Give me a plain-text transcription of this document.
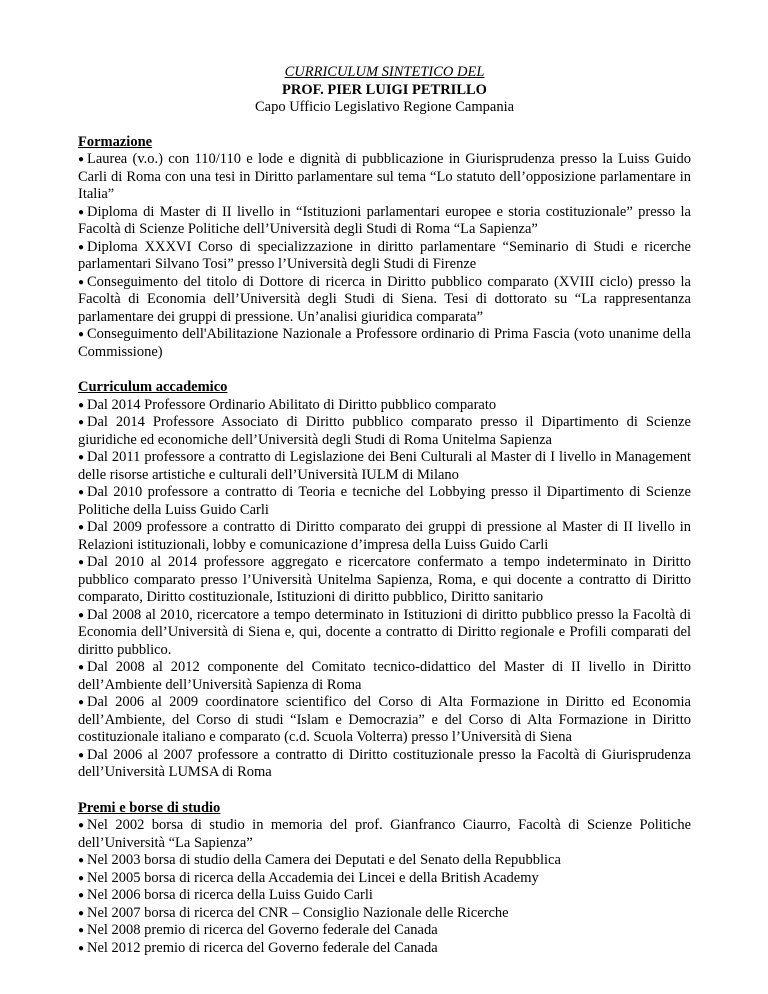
CURRICULUM SINTETICO DEL
PROF. PIER LUIGI PETRILLO
Capo Ufficio Legislativo Regione Campania
Formazione
● Laurea (v.o.) con 110/110 e lode e dignità di pubblicazione in Giurisprudenza presso la Luiss Guido Carli di Roma con una tesi in Diritto parlamentare sul tema “Lo statuto dell’opposizione parlamentare in Italia”
● Diploma di Master di II livello in “Istituzioni parlamentari europee e storia costituzionale” presso la Facoltà di Scienze Politiche dell’Università degli Studi di Roma “La Sapienza”
● Diploma XXXVI Corso di specializzazione in diritto parlamentare “Seminario di Studi e ricerche parlamentari Silvano Tosi” presso l’Università degli Studi di Firenze
● Conseguimento del titolo di Dottore di ricerca in Diritto pubblico comparato (XVIII ciclo) presso la Facoltà di Economia dell’Università degli Studi di Siena. Tesi di dottorato su “La rappresentanza parlamentare dei gruppi di pressione. Un’analisi giuridica comparata”
● Conseguimento dell'Abilitazione Nazionale a Professore ordinario di Prima Fascia (voto unanime della Commissione)
Curriculum accademico
● Dal 2014 Professore Ordinario Abilitato di Diritto pubblico comparato
● Dal 2014 Professore Associato di Diritto pubblico comparato presso il Dipartimento di Scienze giuridiche ed economiche dell’Università degli Studi di Roma Unitelma Sapienza
● Dal 2011 professore a contratto di Legislazione dei Beni Culturali al Master di I livello in Management delle risorse artistiche e culturali dell’Università IULM di Milano
● Dal 2010 professore a contratto di Teoria e tecniche del Lobbying presso il Dipartimento di Scienze Politiche della Luiss Guido Carli
● Dal 2009 professore a contratto di Diritto comparato dei gruppi di pressione al Master di II livello in Relazioni istituzionali, lobby e comunicazione d’impresa della Luiss Guido Carli
● Dal 2010 al 2014 professore aggregato e ricercatore confermato a tempo indeterminato in Diritto pubblico comparato presso l’Università Unitelma Sapienza, Roma, e qui docente a contratto di Diritto comparato, Diritto costituzionale, Istituzioni di diritto pubblico, Diritto sanitario
● Dal 2008 al 2010, ricercatore a tempo determinato in Istituzioni di diritto pubblico presso la Facoltà di Economia dell’Università di Siena e, qui, docente a contratto di Diritto regionale e Profili comparati del diritto pubblico.
● Dal 2008 al 2012 componente del Comitato tecnico-didattico del Master di II livello in Diritto dell’Ambiente dell’Università Sapienza di Roma
● Dal 2006 al 2009 coordinatore scientifico del Corso di Alta Formazione in Diritto ed Economia dell’Ambiente, del Corso di studi “Islam e Democrazia” e del Corso di Alta Formazione in Diritto costituzionale italiano e comparato (c.d. Scuola Volterra) presso l’Università di Siena
● Dal 2006 al 2007 professore a contratto di Diritto costituzionale presso la Facoltà di Giurisprudenza dell’Università LUMSA di Roma
Premi e borse di studio
● Nel 2002 borsa di studio in memoria del prof. Gianfranco Ciaurro, Facoltà di Scienze Politiche dell’Università “La Sapienza”
● Nel 2003 borsa di studio della Camera dei Deputati e del Senato della Repubblica
● Nel 2005 borsa di ricerca della Accademia dei Lincei e della British Academy
● Nel 2006 borsa di ricerca della Luiss Guido Carli
● Nel 2007 borsa di ricerca del CNR – Consiglio Nazionale delle Ricerche
● Nel 2008 premio di ricerca del Governo federale del Canada
● Nel 2012 premio di ricerca del Governo federale del Canada
